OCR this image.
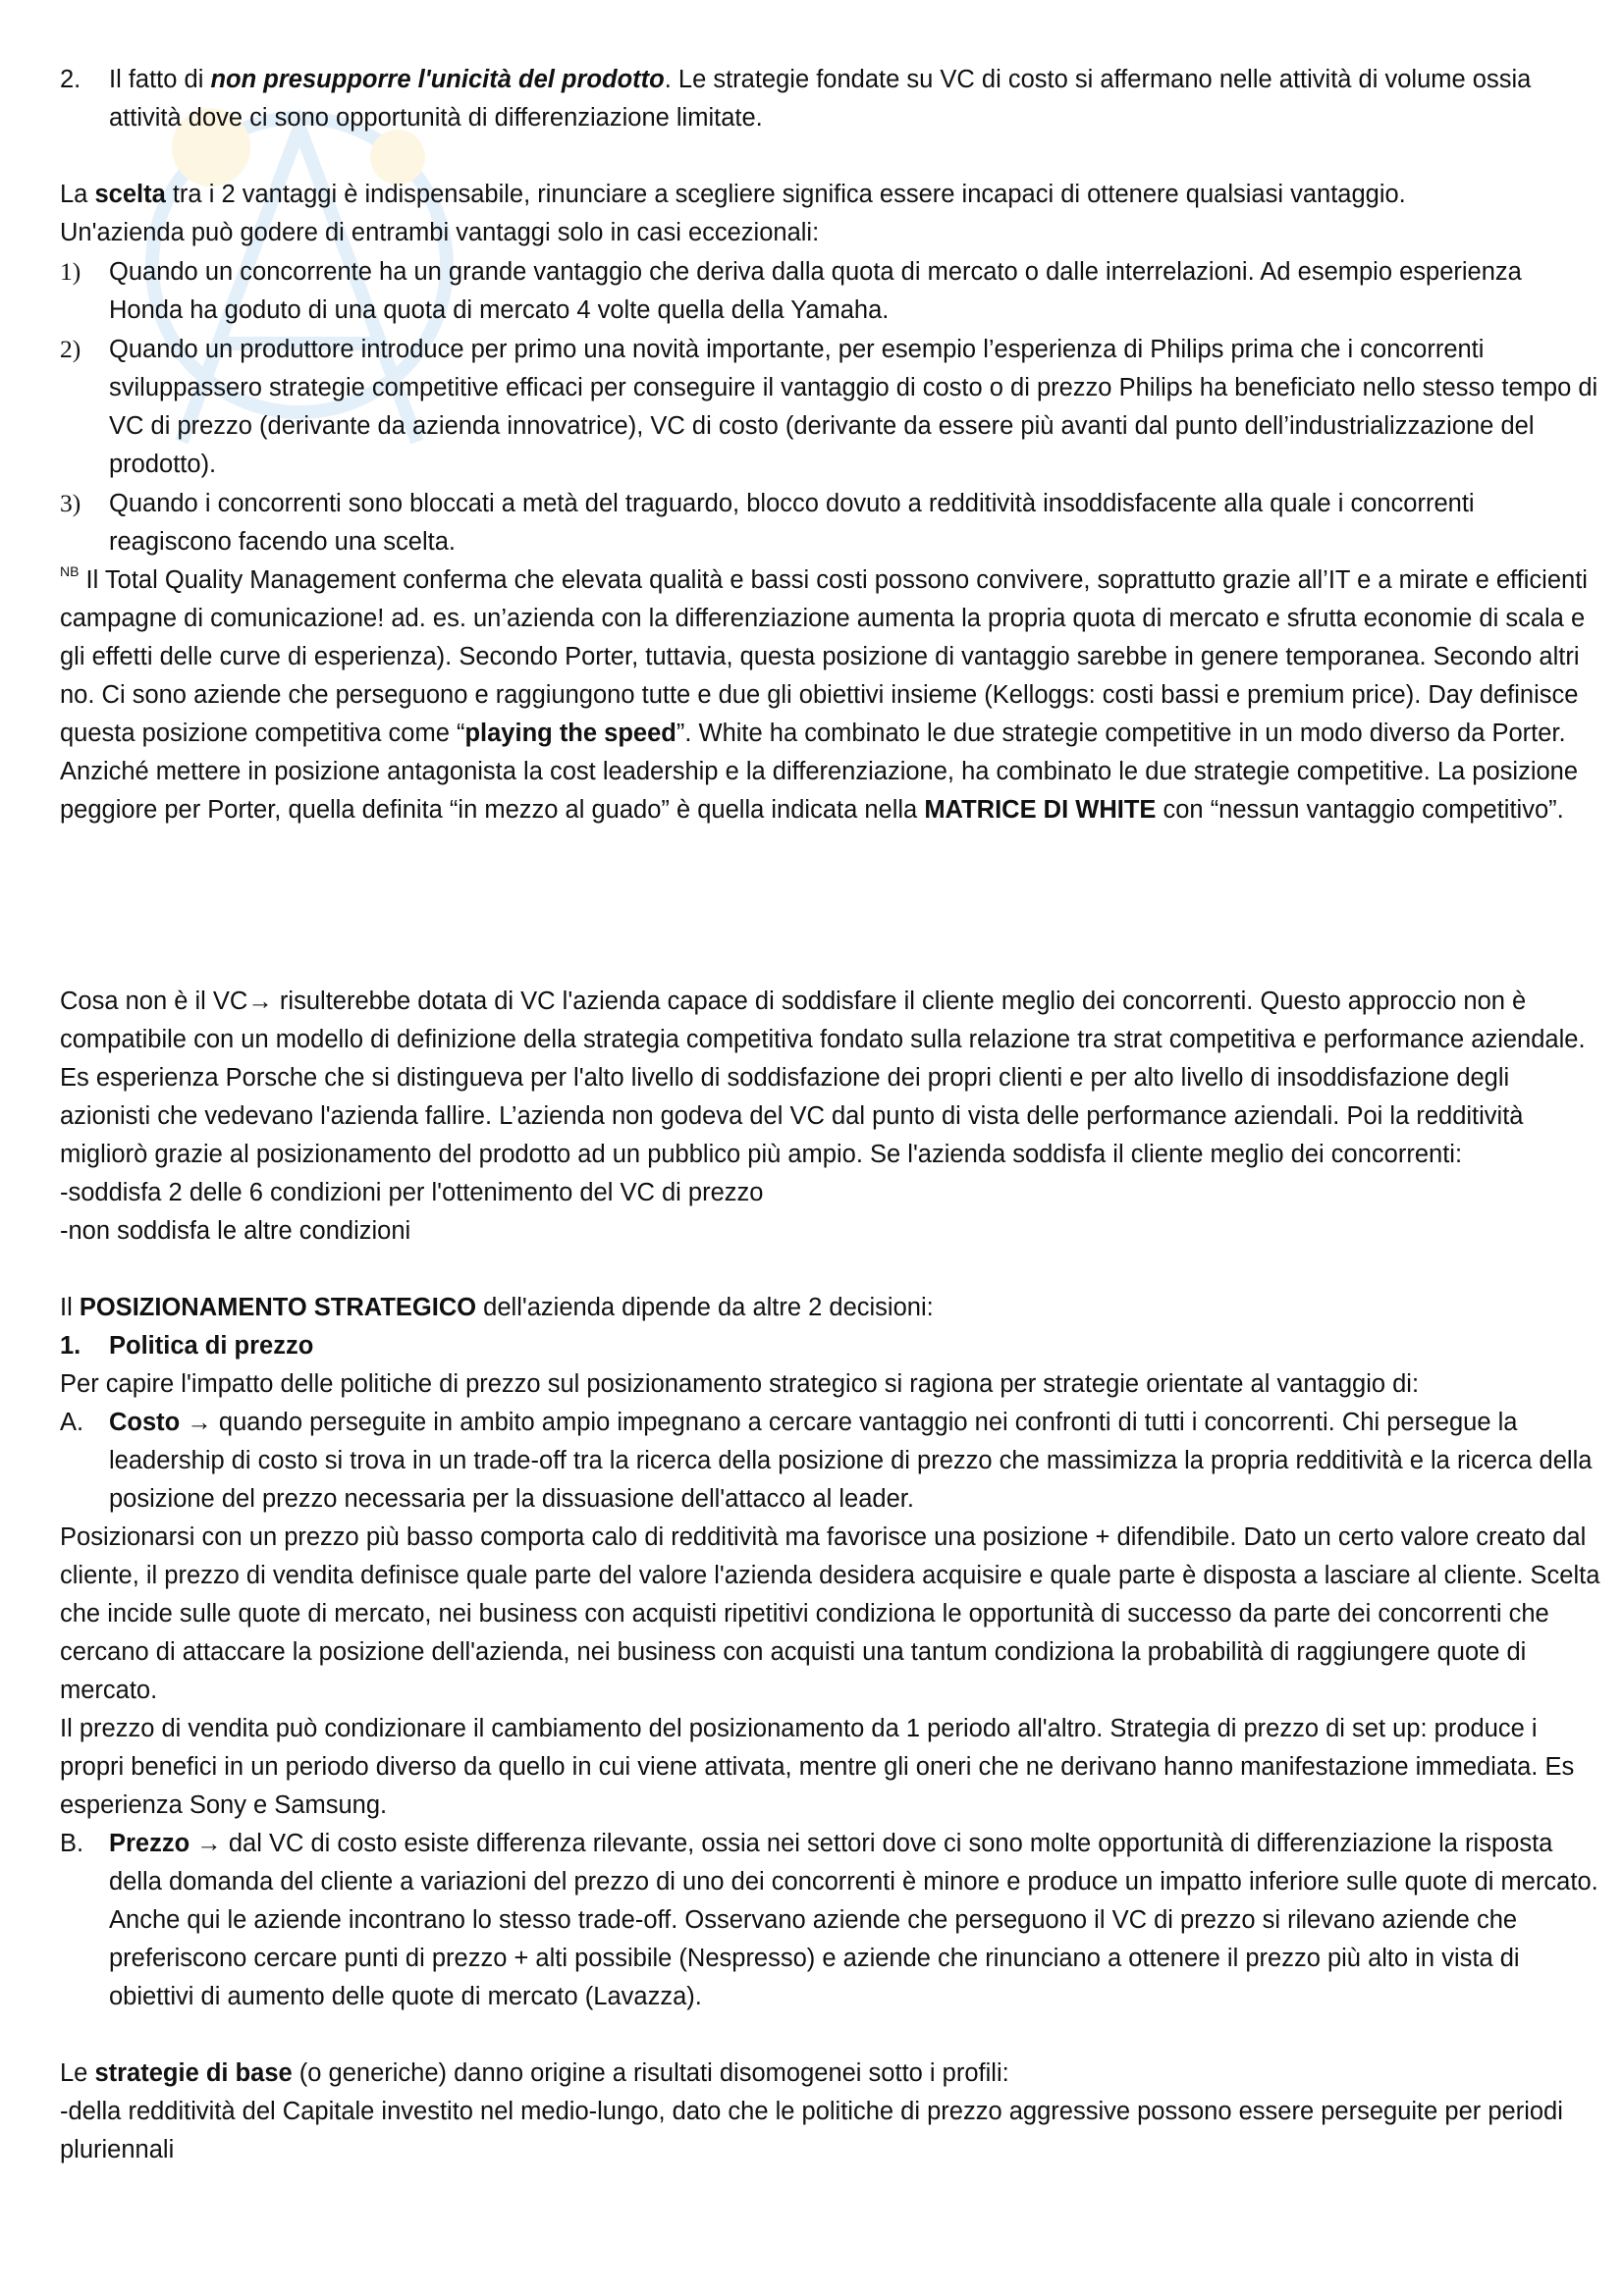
2. Il fatto di non presupporre l'unicità del prodotto. Le strategie fondate su VC di costo si affermano nelle attività di volume ossia attività dove ci sono opportunità di differenziazione limitate.

La scelta tra i 2 vantaggi è indispensabile, rinunciare a scegliere significa essere incapaci di ottenere qualsiasi vantaggio.

Un'azienda può godere di entrambi vantaggi solo in casi eccezionali:

1) Quando un concorrente ha un grande vantaggio che deriva dalla quota di mercato o dalle interrelazioni. Ad esempio esperienza Honda ha goduto di una quota di mercato 4 volte quella della Yamaha.

2) Quando un produttore introduce per primo una novità importante, per esempio l’esperienza di Philips prima che i concorrenti sviluppassero strategie competitive efficaci per conseguire il vantaggio di costo o di prezzo Philips ha beneficiato nello stesso tempo di VC di prezzo (derivante da azienda innovatrice), VC di costo (derivante da essere più avanti dal punto dell’industrializzazione del prodotto).

3) Quando i concorrenti sono bloccati a metà del traguardo, blocco dovuto a redditività insoddisfacente alla quale i concorrenti reagiscono facendo una scelta.

$^{NB}$ Il Total Quality Management conferma che elevata qualità e bassi costi possono convivere, soprattutto grazie all’IT e a mirate e efficienti campagne di comunicazione! ad. es. un’azienda con la differenziazione aumenta la propria quota di mercato e sfrutta economie di scala e gli effetti delle curve di esperienza). Secondo Porter, tuttavia, questa posizione di vantaggio sarebbe in genere temporanea. Secondo altri no. Ci sono aziende che perseguono e raggiungono tutte e due gli obiettivi insieme (Kelloggs: costi bassi e premium price). Day definisce questa posizione competitiva come “playing the speed”. White ha combinato le due strategie competitive in un modo diverso da Porter. Anziché mettere in posizione antagonista la cost leadership e la differenziazione, ha combinato le due strategie competitive. La posizione peggiore per Porter, quella definita “in mezzo al guado” è quella indicata nella MATRICE DI WHITE con “nessun vantaggio competitivo”.

Cosa non è il VC→ risulterebbe dotata di VC l'azienda capace di soddisfare il cliente meglio dei concorrenti. Questo approccio non è compatibile con un modello di definizione della strategia competitiva fondato sulla relazione tra strat competitiva e performance aziendale. Es esperienza Porsche che si distingueva per l'alto livello di soddisfazione dei propri clienti e per alto livello di insoddisfazione degli azionisti che vedevano l'azienda fallire. L’azienda non godeva del VC dal punto di vista delle performance aziendali. Poi la redditività migliorò grazie al posizionamento del prodotto ad un pubblico più ampio. Se l'azienda soddisfa il cliente meglio dei concorrenti:

-soddisfa 2 delle 6 condizioni per l'ottenimento del VC di prezzo

-non soddisfa le altre condizioni

Il POSIZIONAMENTO STRATEGICO dell'azienda dipende da altre 2 decisioni:

1. Politica di prezzo

Per capire l'impatto delle politiche di prezzo sul posizionamento strategico si ragiona per strategie orientate al vantaggio di:

A. Costo → quando perseguite in ambito ampio impegnano a cercare vantaggio nei confronti di tutti i concorrenti. Chi persegue la leadership di costo si trova in un trade-off tra la ricerca della posizione di prezzo che massimizza la propria redditività e la ricerca della posizione del prezzo necessaria per la dissuasione dell'attacco al leader.

Posizionarsi con un prezzo più basso comporta calo di redditività ma favorisce una posizione + difendibile. Dato un certo valore creato dal cliente, il prezzo di vendita definisce quale parte del valore l'azienda desidera acquisire e quale parte è disposta a lasciare al cliente. Scelta che incide sulle quote di mercato, nei business con acquisti ripetitivi condiziona le opportunità di successo da parte dei concorrenti che cercano di attaccare la posizione dell'azienda, nei business con acquisti una tantum condiziona la probabilità di raggiungere quote di mercato.

Il prezzo di vendita può condizionare il cambiamento del posizionamento da 1 periodo all'altro. Strategia di prezzo di set up: produce i propri benefici in un periodo diverso da quello in cui viene attivata, mentre gli oneri che ne derivano hanno manifestazione immediata. Es esperienza Sony e Samsung.

B. Prezzo → dal VC di costo esiste differenza rilevante, ossia nei settori dove ci sono molte opportunità di differenziazione la risposta della domanda del cliente a variazioni del prezzo di uno dei concorrenti è minore e produce un impatto inferiore sulle quote di mercato. Anche qui le aziende incontrano lo stesso trade-off. Osservano aziende che perseguono il VC di prezzo si rilevano aziende che preferiscono cercare punti di prezzo + alti possibile (Nespresso) e aziende che rinunciano a ottenere il prezzo più alto in vista di obiettivi di aumento delle quote di mercato (Lavazza).

Le strategie di base (o generiche) danno origine a risultati disomogenei sotto i profili:

-della redditività del Capitale investito nel medio-lungo, dato che le politiche di prezzo aggressive possono essere perseguite per periodi pluriennali
